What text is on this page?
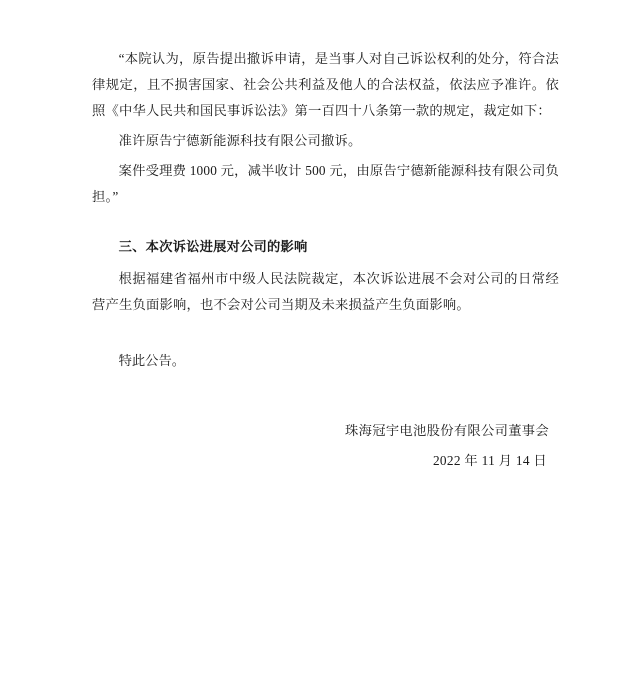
“本院认为，原告提出撤诉申请，是当事人对自己诉讼权利的处分，符合法律规定，且不损害国家、社会公共利益及他人的合法权益，依法应予准许。依照《中华人民共和国民事诉讼法》第一百四十八条第一款的规定，裁定如下：

准许原告宁德新能源科技有限公司撤诉。

案件受理费 1000 元，减半收计 500 元，由原告宁德新能源科技有限公司负担。”

三、本次诉讼进展对公司的影响

根据福建省福州市中级人民法院裁定，本次诉讼进展不会对公司的日常经营产生负面影响，也不会对公司当期及未来损益产生负面影响。

特此公告。

珠海冠宇电池股份有限公司董事会
2022 年 11 月 14 日
